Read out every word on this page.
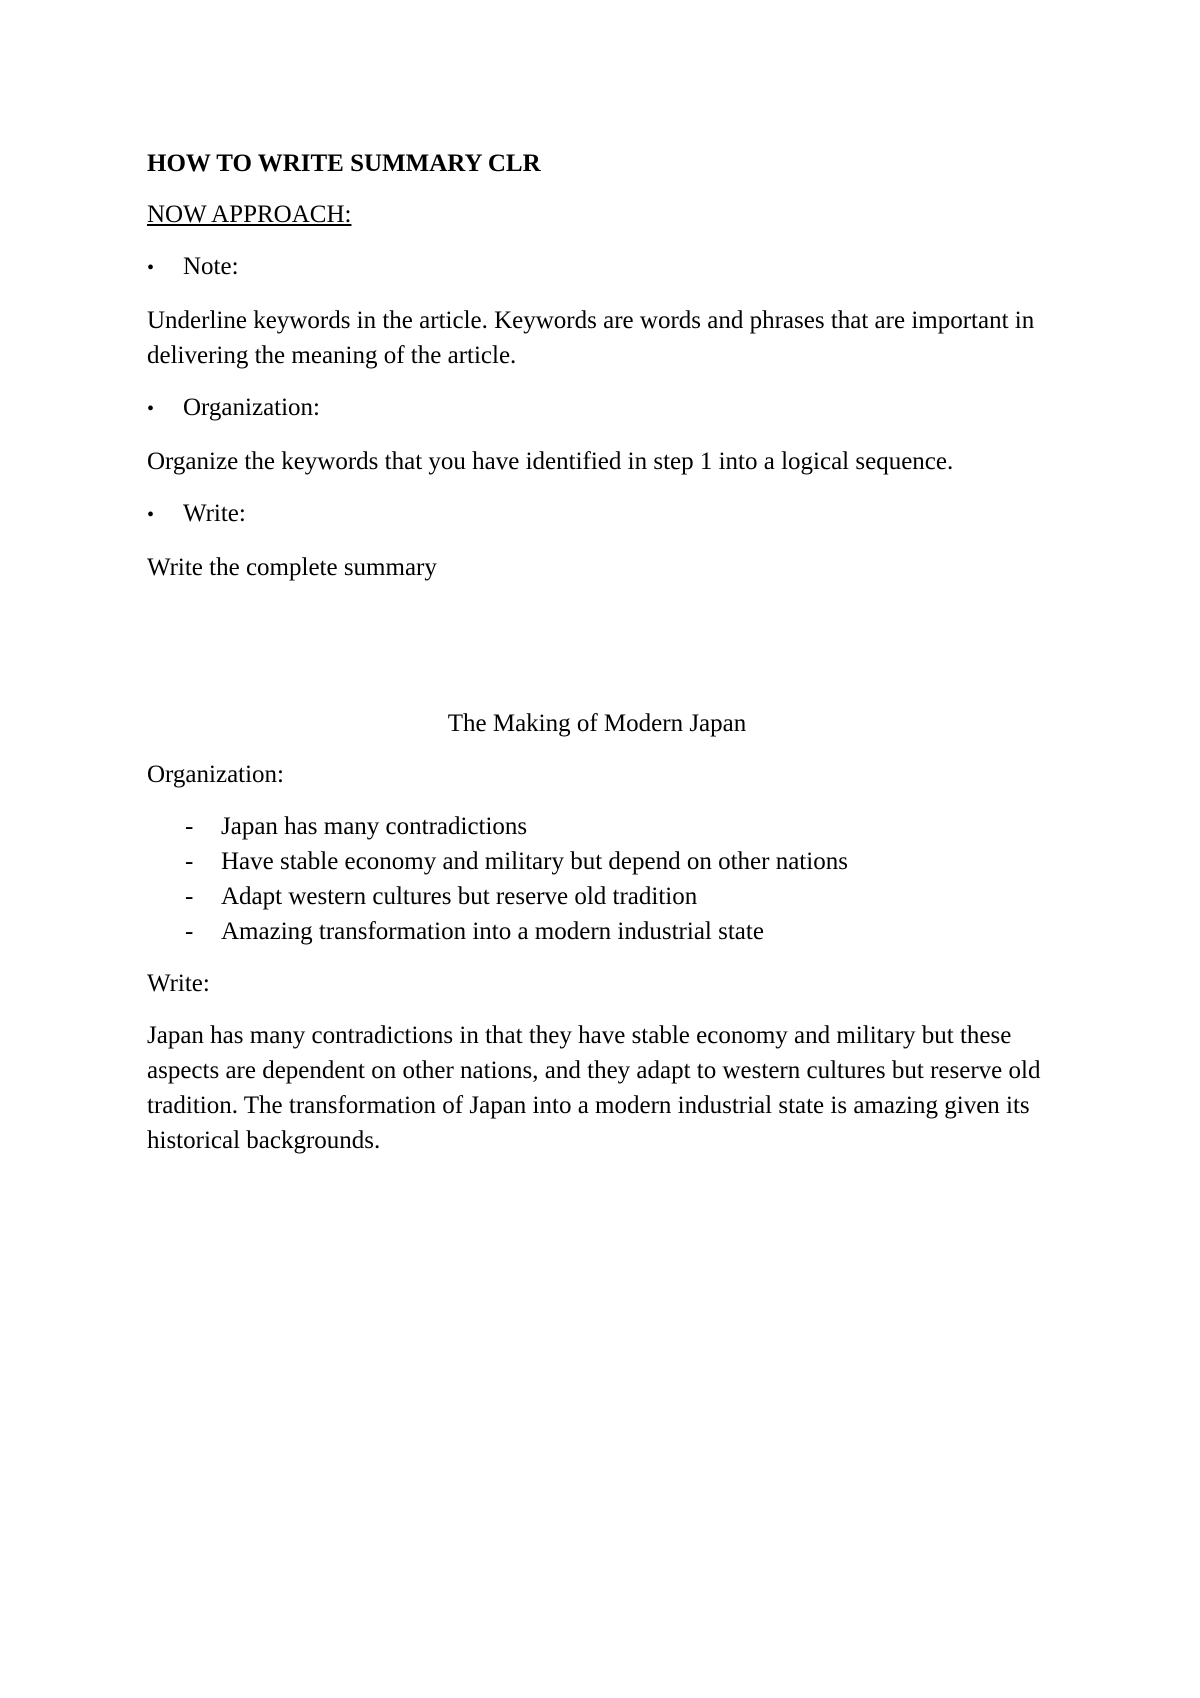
HOW TO WRITE SUMMARY CLR
NOW APPROACH:
•	Note:
Underline keywords in the article. Keywords are words and phrases that are important in delivering the meaning of the article.
•	Organization:
Organize the keywords that you have identified in step 1 into a logical sequence.
•	Write:
Write the complete summary
The Making of Modern Japan
Organization:
-	Japan has many contradictions
-	Have stable economy and military but depend on other nations
-	Adapt western cultures but reserve old tradition
-	Amazing transformation into a modern industrial state
Write:
Japan has many contradictions in that they have stable economy and military but these aspects are dependent on other nations, and they adapt to western cultures but reserve old tradition. The transformation of Japan into a modern industrial state is amazing given its historical backgrounds.
